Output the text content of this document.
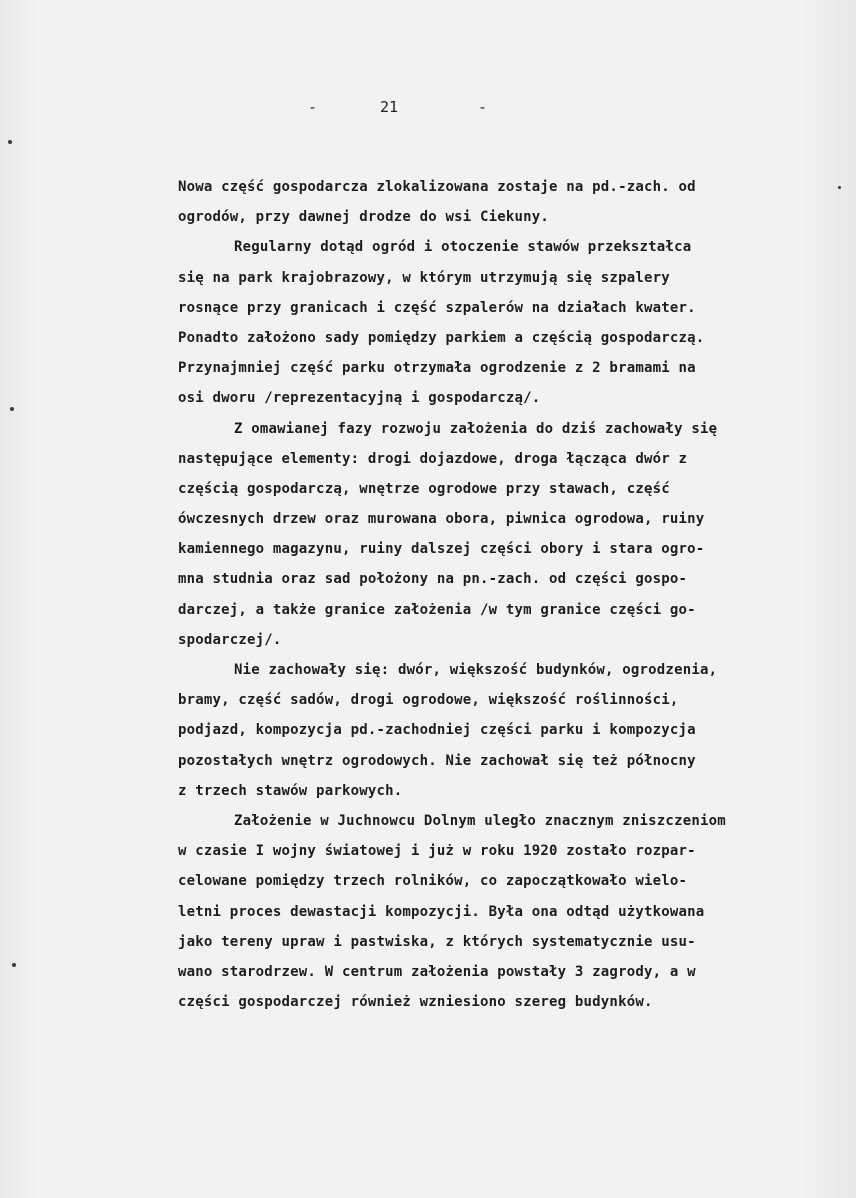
-	21	-
Nowa część gospodarcza zlokalizowana zostaje na pd.-zach. od
ogrodów, przy dawnej drodze do wsi Ciekuny.
Regularny dotąd ogród i otoczenie stawów przekształca
się na park krajobrazowy, w którym utrzymują się szpalery
rosnące przy granicach i część szpalerów na działach kwater.
Ponadto założono sady pomiędzy parkiem a częścią gospodarczą.
Przynajmniej część parku otrzymała ogrodzenie z 2 bramami na
osi dworu /reprezentacyjną i gospodarczą/.
Z omawianej fazy rozwoju założenia do dziś zachowały się
następujące elementy: drogi dojazdowe, droga łącząca dwór z
częścią gospodarczą, wnętrze ogrodowe przy stawach, część
ówczesnych drzew oraz murowana obora, piwnica ogrodowa, ruiny
kamiennego magazynu, ruiny dalszej części obory i stara ogro-
mna studnia oraz sad położony na pn.-zach. od części gospo-
darczej, a także granice założenia /w tym granice części go-
spodarczej/.
Nie zachowały się: dwór, większość budynków, ogrodzenia,
bramy, część sadów, drogi ogrodowe, większość roślinności,
podjazd, kompozycja pd.-zachodniej części parku i kompozycja
pozostałych wnętrz ogrodowych. Nie zachował się też północny
z trzech stawów parkowych.
Założenie w Juchnowcu Dolnym uległo znacznym zniszczeniom
w czasie I wojny światowej i już w roku 1920 zostało rozpar-
celowane pomiędzy trzech rolników, co zapoczątkowało wielo-
letni proces dewastacji kompozycji. Była ona odtąd użytkowana
jako tereny upraw i pastwiska, z których systematycznie usu-
wano starodrzew. W centrum założenia powstały 3 zagrody, a w
części gospodarczej również wzniesiono szereg budynków.
